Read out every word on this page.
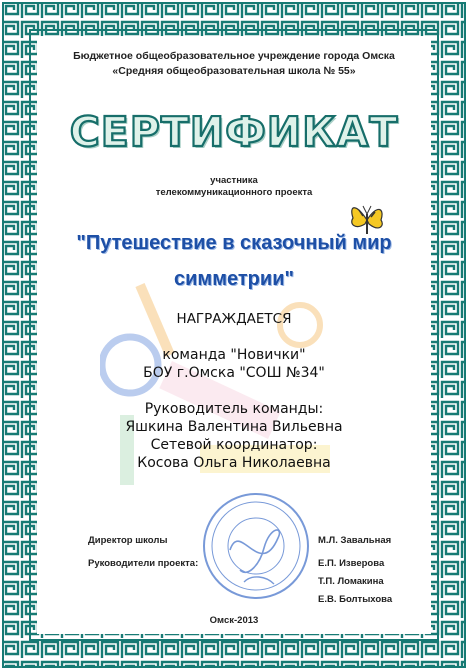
Бюджетное общеобразовательное учреждение города Омска
«Средняя общеобразовательная школа № 55»
СЕРТИФИКАТ
участника
телекоммуникационного проекта
"Путешествие в сказочный мир
симметрии"
НАГРАЖДАЕТСЯ
команда "Новички"
БОУ г.Омска "СОШ №34"
Руководитель команды:
Яшкина Валентина Вильевна
Сетевой координатор:
Косова Ольга Николаевна
Директор школы	М.Л. Завальная
Руководители проекта:	Е.П. Изверова
Т.П. Ломакина
Е.В. Болтыхова
Омск-2013
